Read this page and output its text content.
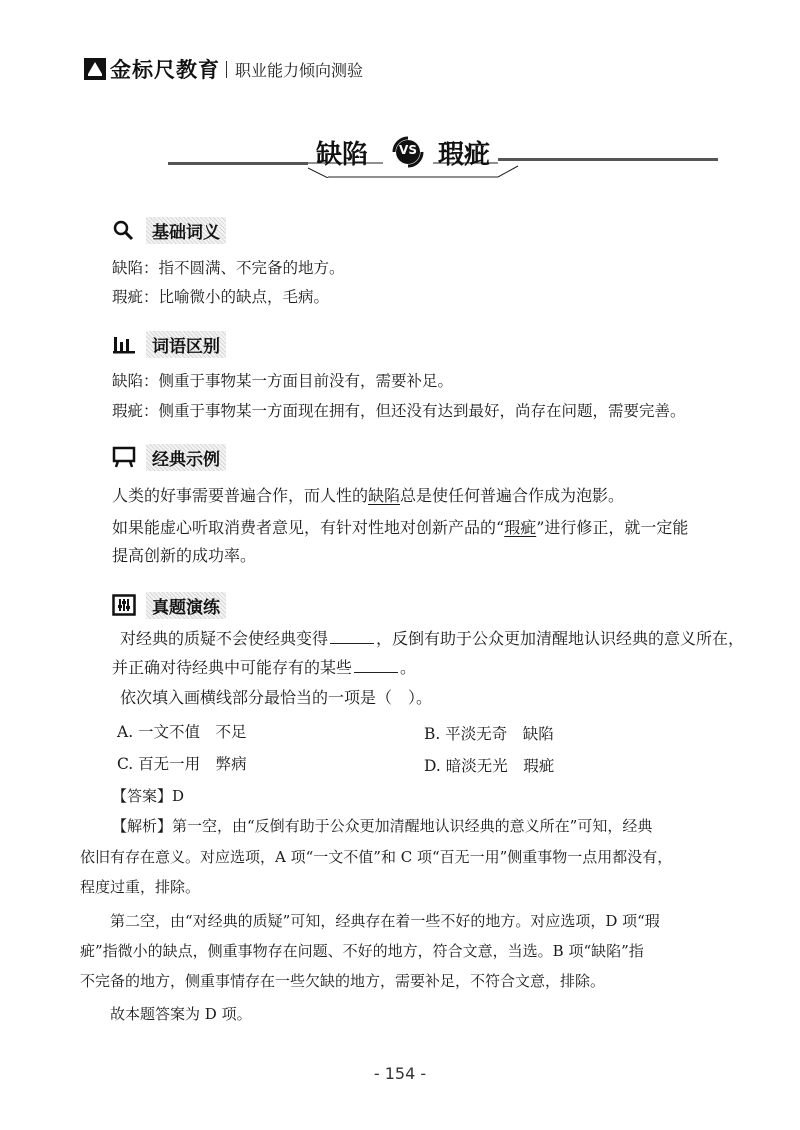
金标尺教育 职业能力倾向测验
缺陷	VS 瑕疵
基础词义
缺陷：指不圆满、不完备的地方。
瑕疵：比喻微小的缺点，毛病。
词语区别
缺陷：侧重于事物某一方面目前没有，需要补足。
瑕疵：侧重于事物某一方面现在拥有，但还没有达到最好，尚存在问题，需要完善。
经典示例
人类的好事需要普遍合作，而人性的缺陷总是使任何普遍合作成为泡影。
如果能虚心听取消费者意见，有针对性地对创新产品的“瑕疵”进行修正，就一定能
提高创新的成功率。
真题演练
对经典的质疑不会使经典变得	，反倒有助于公众更加清醒地认识经典的意义所在，
并正确对待经典中可能存有的某些	。
依次填入画横线部分最恰当的一项是（　）。
A. 一文不值　不足	B. 平淡无奇　缺陷
C. 百无一用　弊病	D. 暗淡无光　瑕疵
【答案】D
【解析】第一空，由“反倒有助于公众更加清醒地认识经典的意义所在”可知，经典
依旧有存在意义。对应选项，A 项“一文不值”和 C 项“百无一用”侧重事物一点用都没有，
程度过重，排除。
第二空，由“对经典的质疑”可知，经典存在着一些不好的地方。对应选项，D 项“瑕
疵”指微小的缺点，侧重事物存在问题、不好的地方，符合文意，当选。B 项“缺陷”指
不完备的地方，侧重事情存在一些欠缺的地方，需要补足，不符合文意，排除。
故本题答案为 D 项。
- 154 -
